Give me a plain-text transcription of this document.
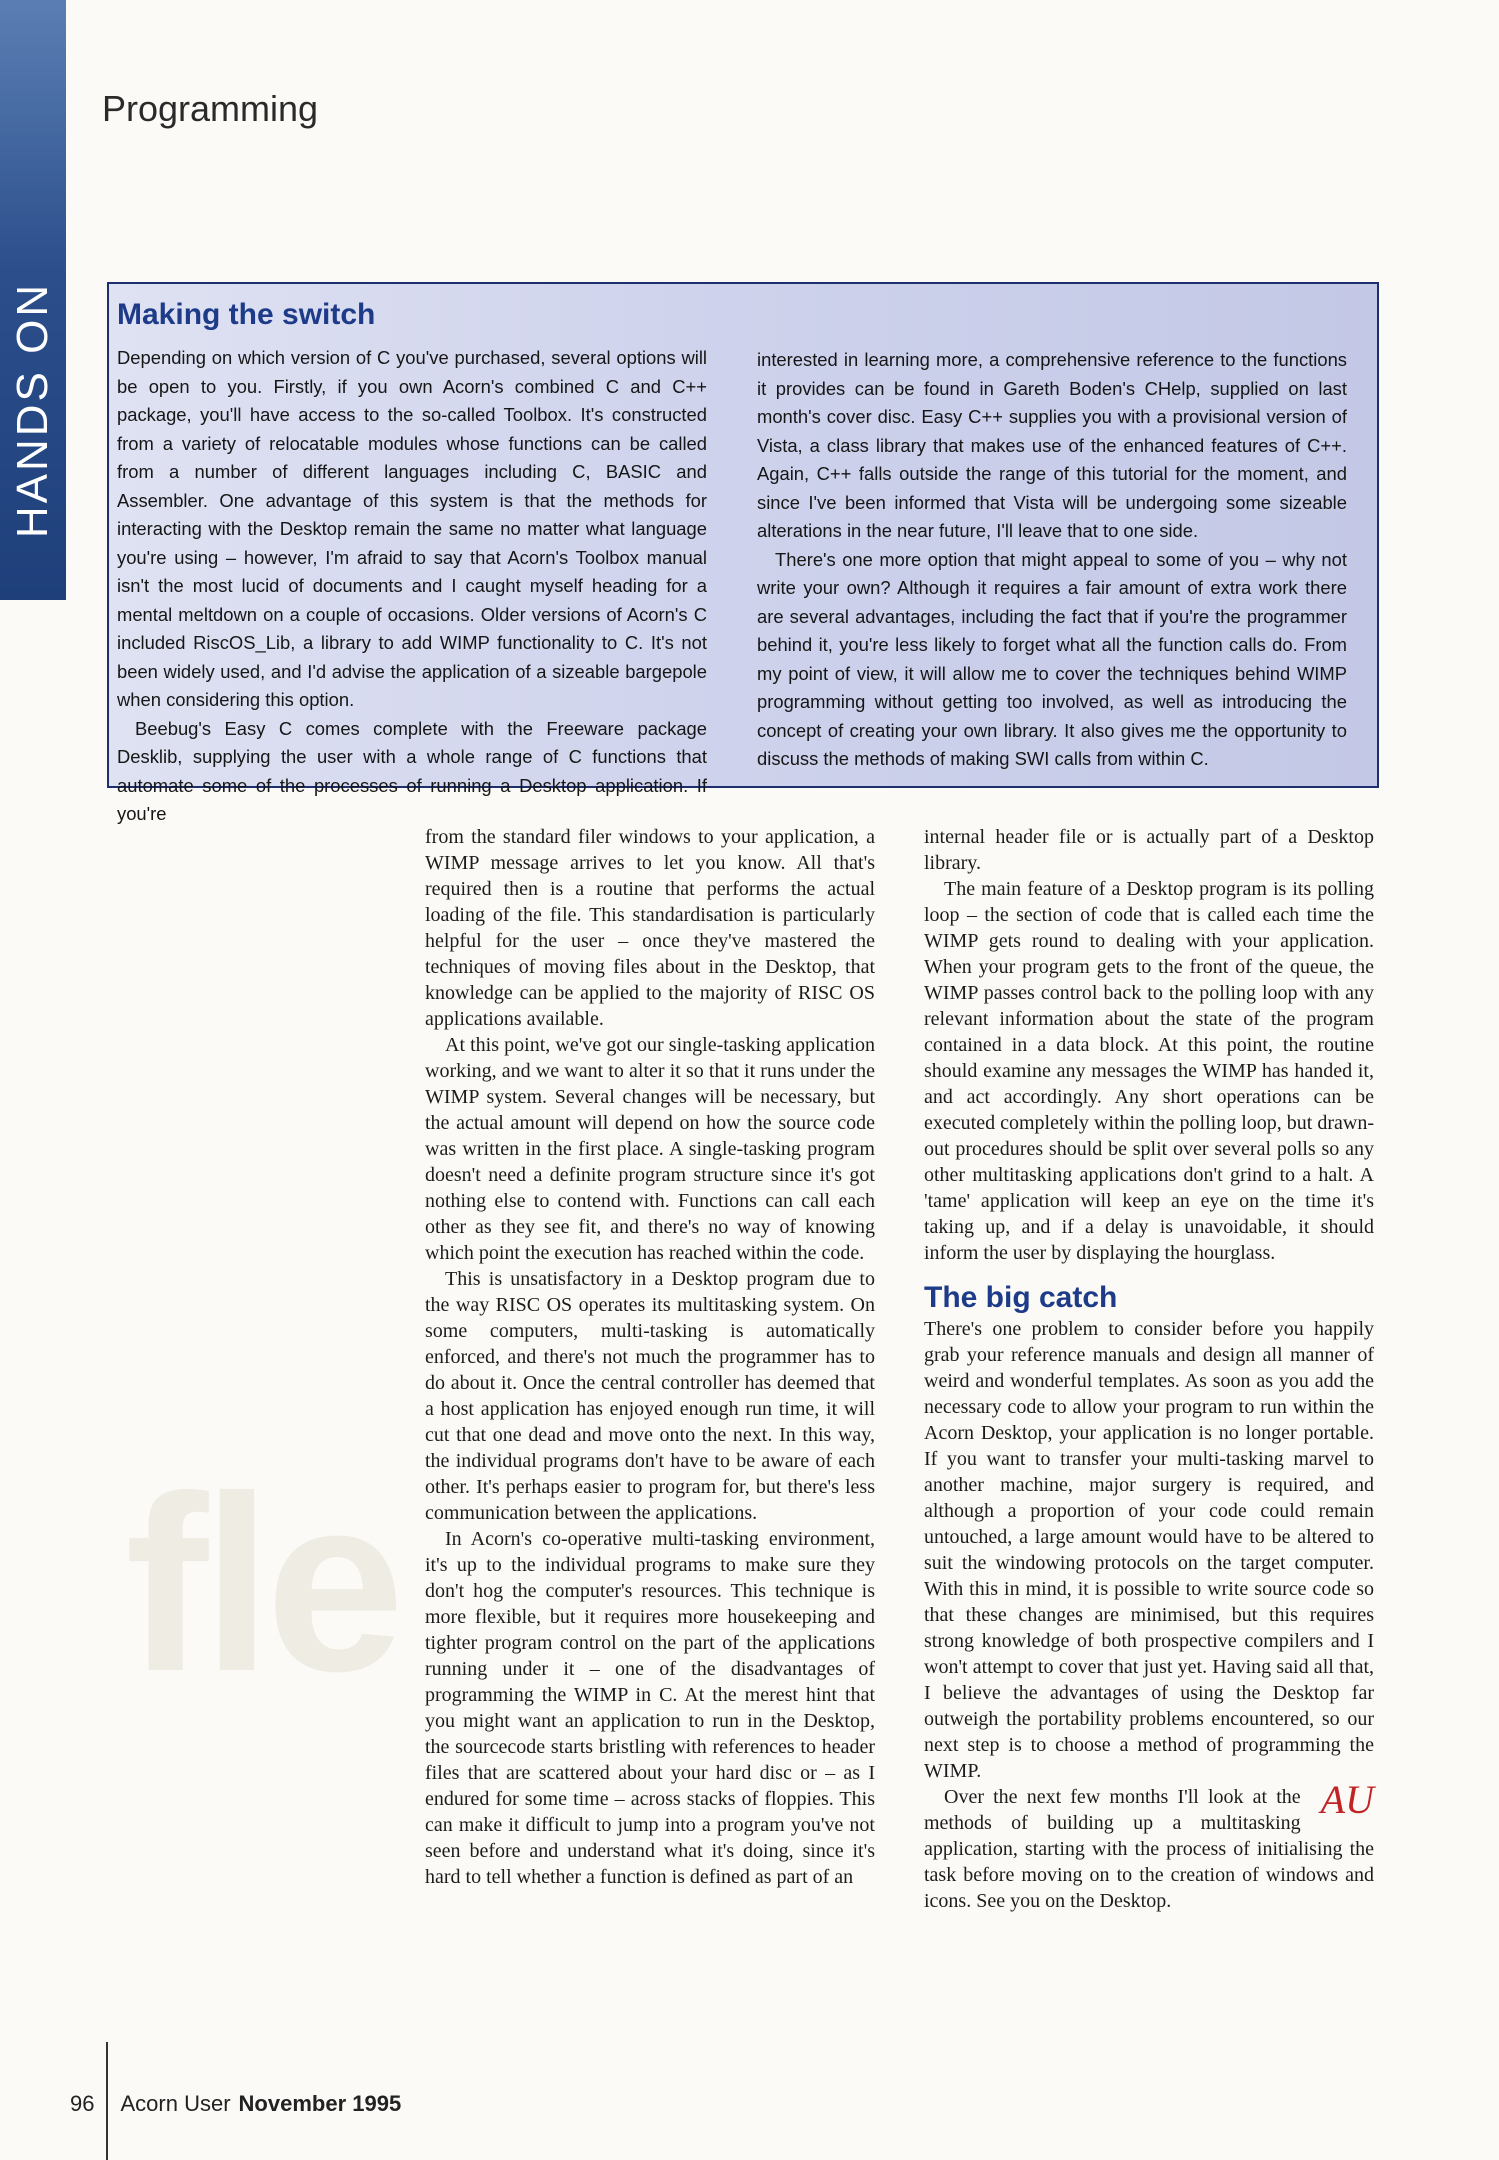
HANDS ON
Programming
Making the switch

Depending on which version of C you've purchased, several options will be open to you. Firstly, if you own Acorn's combined C and C++ package, you'll have access to the so-called Toolbox. It's constructed from a variety of relocatable modules whose functions can be called from a number of different languages including C, BASIC and Assembler. One advantage of this system is that the methods for interacting with the Desktop remain the same no matter what language you're using – however, I'm afraid to say that Acorn's Toolbox manual isn't the most lucid of documents and I caught myself heading for a mental meltdown on a couple of occasions. Older versions of Acorn's C included RiscOS_Lib, a library to add WIMP functionality to C. It's not been widely used, and I'd advise the application of a sizeable bargepole when considering this option.

Beebug's Easy C comes complete with the Freeware package Desklib, supplying the user with a whole range of C functions that automate some of the processes of running a Desktop application. If you're

interested in learning more, a comprehensive reference to the functions it provides can be found in Gareth Boden's CHelp, supplied on last month's cover disc. Easy C++ supplies you with a provisional version of Vista, a class library that makes use of the enhanced features of C++. Again, C++ falls outside the range of this tutorial for the moment, and since I've been informed that Vista will be undergoing some sizeable alterations in the near future, I'll leave that to one side.

There's one more option that might appeal to some of you – why not write your own? Although it requires a fair amount of extra work there are several advantages, including the fact that if you're the programmer behind it, you're less likely to forget what all the function calls do. From my point of view, it will allow me to cover the techniques behind WIMP programming without getting too involved, as well as introducing the concept of creating your own library. It also gives me the opportunity to discuss the methods of making SWI calls from within C.

fle

from the standard filer windows to your application, a WIMP message arrives to let you know. All that's required then is a routine that performs the actual loading of the file. This standardisation is particularly helpful for the user – once they've mastered the techniques of moving files about in the Desktop, that knowledge can be applied to the majority of RISC OS applications available.

At this point, we've got our single-tasking application working, and we want to alter it so that it runs under the WIMP system. Several changes will be necessary, but the actual amount will depend on how the source code was written in the first place. A single-tasking program doesn't need a definite program structure since it's got nothing else to contend with. Functions can call each other as they see fit, and there's no way of knowing which point the execution has reached within the code.

This is unsatisfactory in a Desktop program due to the way RISC OS operates its multitasking system. On some computers, multi-tasking is automatically enforced, and there's not much the programmer has to do about it. Once the central controller has deemed that a host application has enjoyed enough run time, it will cut that one dead and move onto the next. In this way, the individual programs don't have to be aware of each other. It's perhaps easier to program for, but there's less communication between the applications.

In Acorn's co-operative multi-tasking environment, it's up to the individual programs to make sure they don't hog the computer's resources. This technique is more flexible, but it requires more housekeeping and tighter program control on the part of the applications running under it – one of the disadvantages of programming the WIMP in C. At the merest hint that you might want an application to run in the Desktop, the sourcecode starts bristling with references to header files that are scattered about your hard disc or – as I endured for some time – across stacks of floppies. This can make it difficult to jump into a program you've not seen before and understand what it's doing, since it's hard to tell whether a function is defined as part of an

internal header file or is actually part of a Desktop library.

The main feature of a Desktop program is its polling loop – the section of code that is called each time the WIMP gets round to dealing with your application. When your program gets to the front of the queue, the WIMP passes control back to the polling loop with any relevant information about the state of the program contained in a data block. At this point, the routine should examine any messages the WIMP has handed it, and act accordingly. Any short operations can be executed completely within the polling loop, but drawn-out procedures should be split over several polls so any other multitasking applications don't grind to a halt. A 'tame' application will keep an eye on the time it's taking up, and if a delay is unavoidable, it should inform the user by displaying the hourglass.

The big catch

There's one problem to consider before you happily grab your reference manuals and design all manner of weird and wonderful templates. As soon as you add the necessary code to allow your program to run within the Acorn Desktop, your application is no longer portable. If you want to transfer your multi-tasking marvel to another machine, major surgery is required, and although a proportion of your code could remain untouched, a large amount would have to be altered to suit the windowing protocols on the target computer. With this in mind, it is possible to write source code so that these changes are minimised, but this requires strong knowledge of both prospective compilers and I won't attempt to cover that just yet. Having said all that, I believe the advantages of using the Desktop far outweigh the portability problems encountered, so our next step is to choose a method of programming the WIMP.

AU
Over the next few months I'll look at the methods of building up a multitasking application, starting with the process of initialising the task before moving on to the creation of windows and icons. See you on the Desktop.

96 Acorn User November 1995
